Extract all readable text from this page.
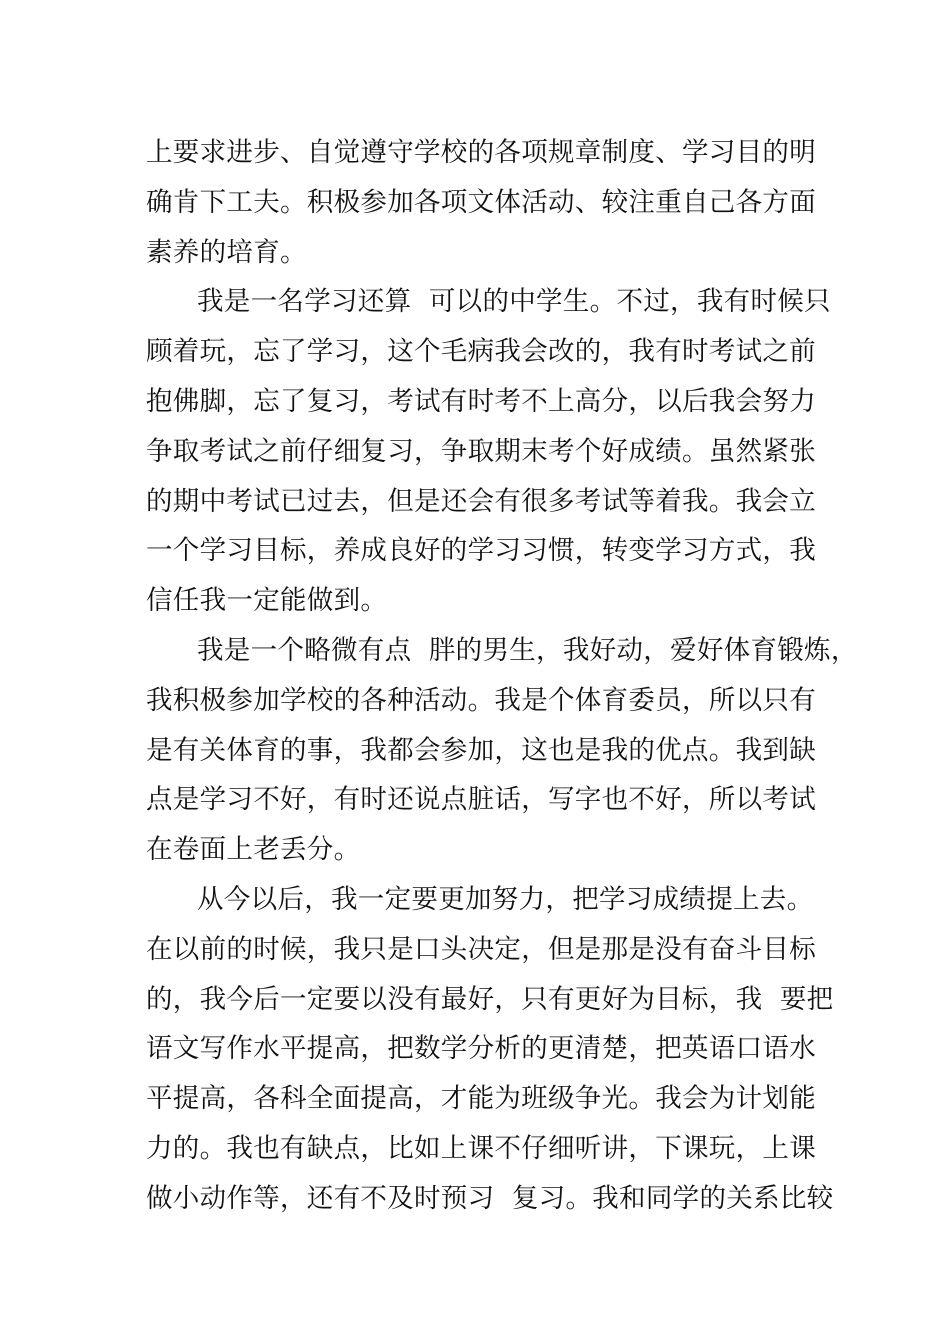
上要求进步、自觉遵守学校的各项规章制度、学习目的明
确肯下工夫。积极参加各项文体活动、较注重自己各方面
素养的培育。
我是一名学习还算  可以的中学生。不过，我有时候只
顾着玩，忘了学习，这个毛病我会改的，我有时考试之前
抱佛脚，忘了复习，考试有时考不上高分，以后我会努力
争取考试之前仔细复习，争取期末考个好成绩。虽然紧张
的期中考试已过去，但是还会有很多考试等着我。我会立
一个学习目标，养成良好的学习习惯，转变学习方式，我
信任我一定能做到。
我是一个略微有点  胖的男生，我好动，爱好体育锻炼，
我积极参加学校的各种活动。我是个体育委员，所以只有
是有关体育的事，我都会参加，这也是我的优点。我到缺
点是学习不好，有时还说点脏话，写字也不好，所以考试
在卷面上老丢分。
从今以后，我一定要更加努力，把学习成绩提上去。
在以前的时候，我只是口头决定，但是那是没有奋斗目标
的，我今后一定要以没有最好，只有更好为目标，我  要把
语文写作水平提高，把数学分析的更清楚，把英语口语水
平提高，各科全面提高，才能为班级争光。我会为计划能
力的。我也有缺点，比如上课不仔细听讲，下课玩，上课
做小动作等，还有不及时预习  复习。我和同学的关系比较
